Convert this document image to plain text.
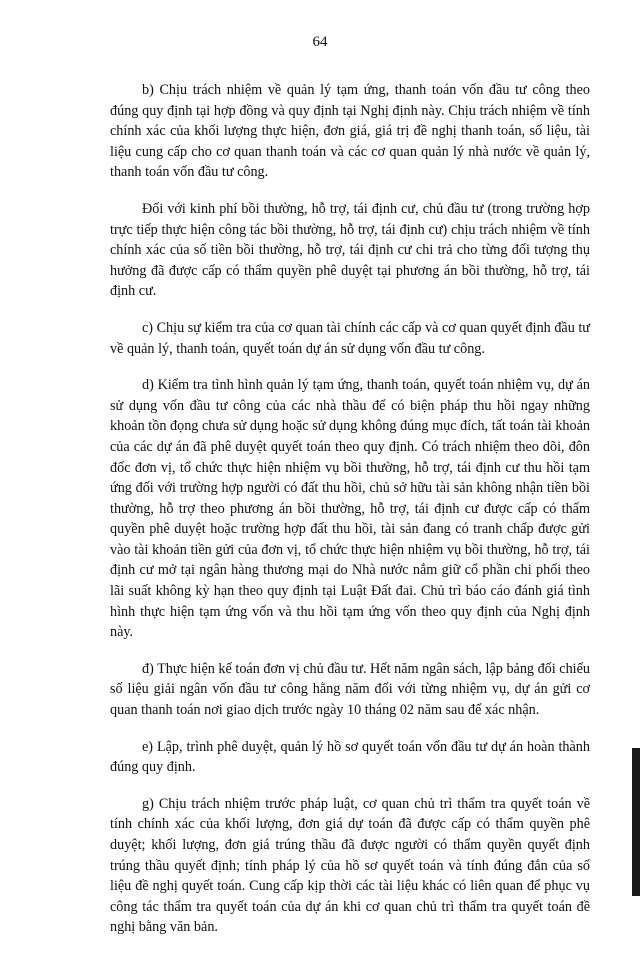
64

b) Chịu trách nhiệm về quản lý tạm ứng, thanh toán vốn đầu tư công theo đúng quy định tại hợp đồng và quy định tại Nghị định này. Chịu trách nhiệm về tính chính xác của khối lượng thực hiện, đơn giá, giá trị đề nghị thanh toán, số liệu, tài liệu cung cấp cho cơ quan thanh toán và các cơ quan quản lý nhà nước về quản lý, thanh toán vốn đầu tư công.

Đối với kinh phí bồi thường, hỗ trợ, tái định cư, chủ đầu tư (trong trường hợp trực tiếp thực hiện công tác bồi thường, hỗ trợ, tái định cư) chịu trách nhiệm về tính chính xác của số tiền bồi thường, hỗ trợ, tái định cư chi trả cho từng đối tượng thụ hưởng đã được cấp có thẩm quyền phê duyệt tại phương án bồi thường, hỗ trợ, tái định cư.

c) Chịu sự kiểm tra của cơ quan tài chính các cấp và cơ quan quyết định đầu tư về quản lý, thanh toán, quyết toán dự án sử dụng vốn đầu tư công.

d) Kiểm tra tình hình quản lý tạm ứng, thanh toán, quyết toán nhiệm vụ, dự án sử dụng vốn đầu tư công của các nhà thầu để có biện pháp thu hồi ngay những khoản tồn đọng chưa sử dụng hoặc sử dụng không đúng mục đích, tất toán tài khoản của các dự án đã phê duyệt quyết toán theo quy định. Có trách nhiệm theo dõi, đôn đốc đơn vị, tổ chức thực hiện nhiệm vụ bồi thường, hỗ trợ, tái định cư thu hồi tạm ứng đối với trường hợp người có đất thu hồi, chủ sở hữu tài sản không nhận tiền bồi thường, hỗ trợ theo phương án bồi thường, hỗ trợ, tái định cư được cấp có thẩm quyền phê duyệt hoặc trường hợp đất thu hồi, tài sản đang có tranh chấp được gửi vào tài khoản tiền gửi của đơn vị, tổ chức thực hiện nhiệm vụ bồi thường, hỗ trợ, tái định cư mở tại ngân hàng thương mại do Nhà nước nắm giữ cổ phần chi phối theo lãi suất không kỳ hạn theo quy định tại Luật Đất đai. Chủ trì báo cáo đánh giá tình hình thực hiện tạm ứng vốn và thu hồi tạm ứng vốn theo quy định của Nghị định này.

đ) Thực hiện kế toán đơn vị chủ đầu tư. Hết năm ngân sách, lập bảng đối chiếu số liệu giải ngân vốn đầu tư công hằng năm đối với từng nhiệm vụ, dự án gửi cơ quan thanh toán nơi giao dịch trước ngày 10 tháng 02 năm sau để xác nhận.

e) Lập, trình phê duyệt, quản lý hồ sơ quyết toán vốn đầu tư dự án hoàn thành đúng quy định.

g) Chịu trách nhiệm trước pháp luật, cơ quan chủ trì thẩm tra quyết toán về tính chính xác của khối lượng, đơn giá dự toán đã được cấp có thẩm quyền phê duyệt; khối lượng, đơn giá trúng thầu đã được người có thẩm quyền quyết định trúng thầu quyết định; tính pháp lý của hồ sơ quyết toán và tính đúng đắn của số liệu đề nghị quyết toán. Cung cấp kịp thời các tài liệu khác có liên quan để phục vụ công tác thẩm tra quyết toán của dự án khi cơ quan chủ trì thẩm tra quyết toán đề nghị bằng văn bản.
